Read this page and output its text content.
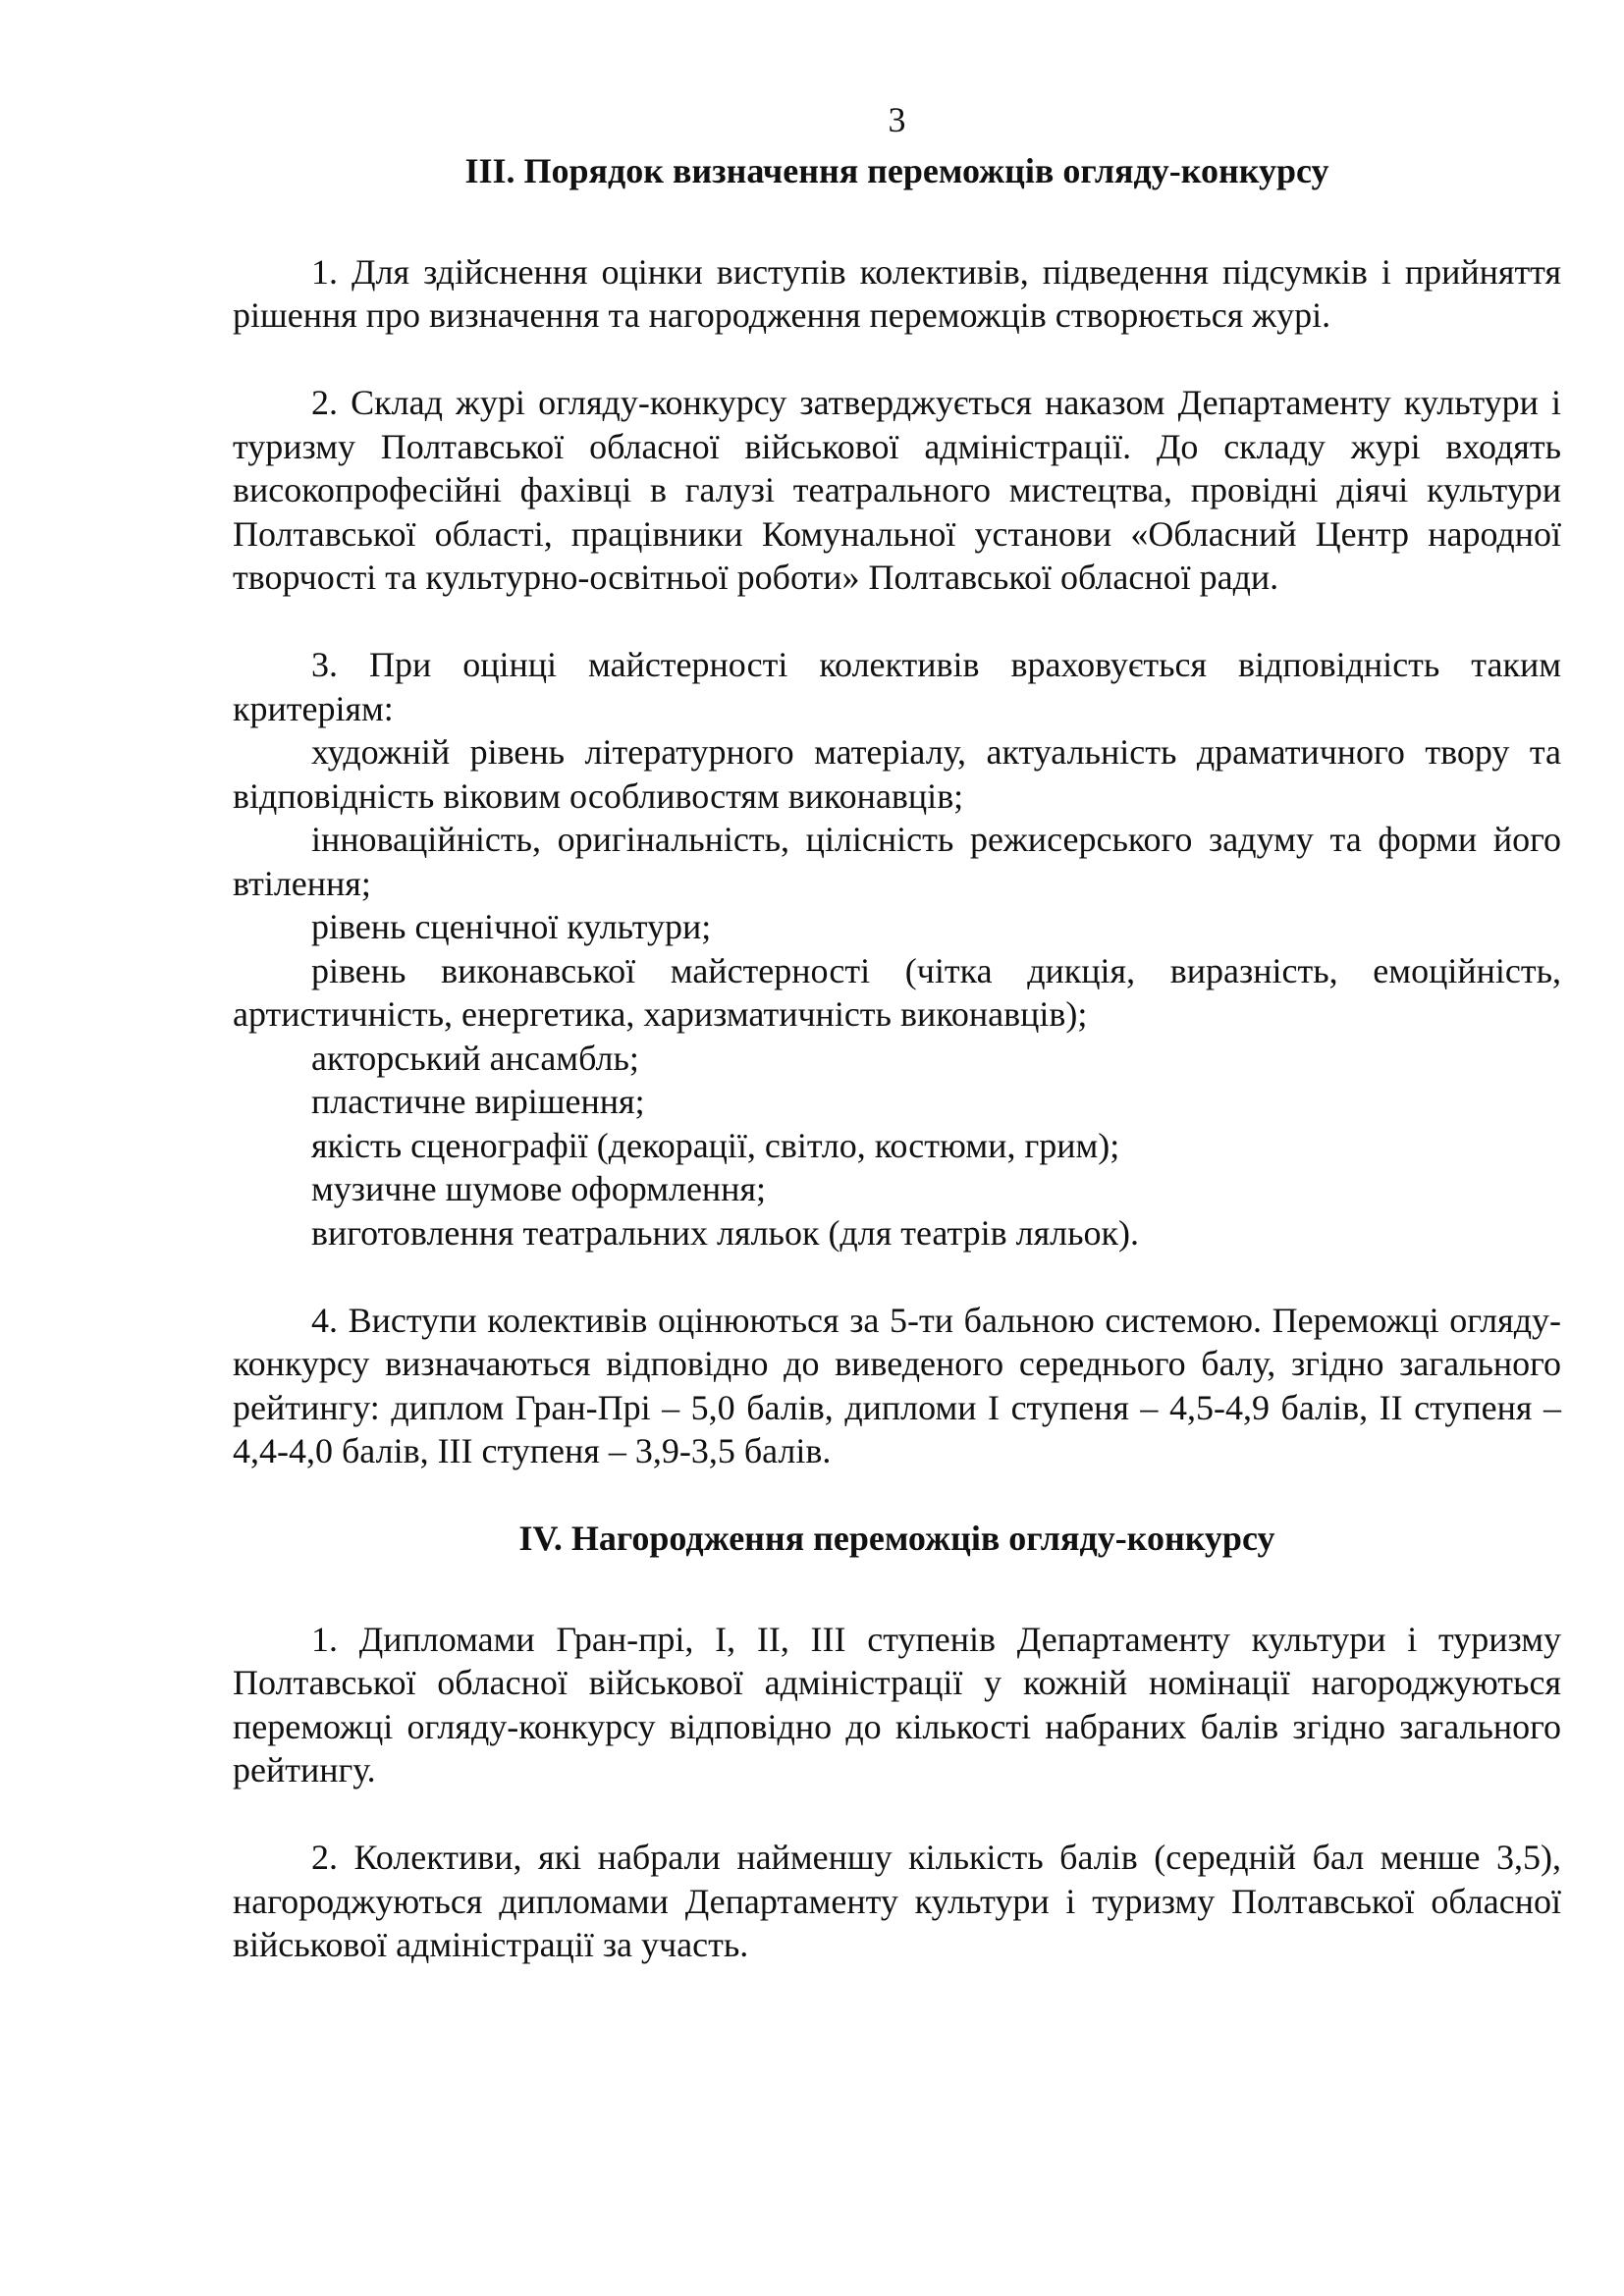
3
III. Порядок визначення переможців огляду-конкурсу

1. Для здійснення оцінки виступів колективів, підведення підсумків і прийняття рішення про визначення та нагородження переможців створюється журі.

2. Склад журі огляду-конкурсу затверджується наказом Департаменту культури і туризму Полтавської обласної військової адміністрації. До складу журі входять високопрофесійні фахівці в галузі театрального мистецтва, провідні діячі культури Полтавської області, працівники Комунальної установи «Обласний Центр народної творчості та культурно-освітньої роботи» Полтавської обласної ради.

3. При оцінці майстерності колективів враховується відповідність таким критеріям:

художній рівень літературного матеріалу, актуальність драматичного твору та відповідність віковим особливостям виконавців;

інноваційність, оригінальність, цілісність режисерського задуму та форми його втілення;

рівень сценічної культури;

рівень виконавської майстерності (чітка дикція, виразність, емоційність, артистичність, енергетика, харизматичність виконавців);

акторський ансамбль;

пластичне вирішення;

якість сценографії (декорації, світло, костюми, грим);

музичне шумове оформлення;

виготовлення театральних ляльок (для театрів ляльок).

4. Виступи колективів оцінюються за 5-ти бальною системою. Переможці огляду-конкурсу визначаються відповідно до виведеного середнього балу, згідно загального рейтингу: диплом Гран-Прі – 5,0 балів, дипломи І ступеня – 4,5-4,9 балів, ІІ ступеня – 4,4-4,0 балів, ІІІ ступеня – 3,9-3,5 балів.

IV. Нагородження переможців огляду-конкурсу

1. Дипломами Гран-прі, І, ІІ, ІІІ ступенів Департаменту культури і туризму Полтавської обласної військової адміністрації у кожній номінації нагороджуються переможці огляду-конкурсу відповідно до кількості набраних балів згідно загального рейтингу.

2. Колективи, які набрали найменшу кількість балів (середній бал менше 3,5), нагороджуються дипломами Департаменту культури і туризму Полтавської обласної військової адміністрації за участь.
